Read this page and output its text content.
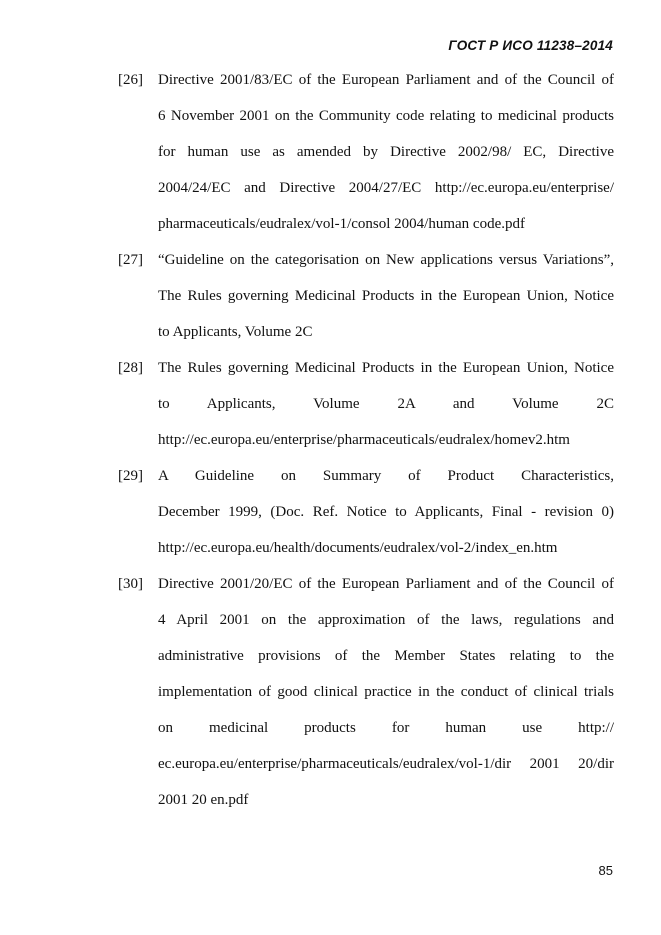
ГОСТ Р ИСО 11238–2014
[26]	Directive 2001/83/EC of the European Parliament and of the Council of
6 November 2001 on the Community code relating to medicinal products
for human use as amended by Directive 2002/98/ EC, Directive
2004/24/EC and Directive 2004/27/EC http://ec.europa.eu/enterprise/
pharmaceuticals/eudralex/vol-1/consol 2004/human code.pdf
[27]	“Guideline on the categorisation on New applications versus Variations”,
The Rules governing Medicinal Products in the European Union, Notice
to Applicants, Volume 2C
[28]	The Rules governing Medicinal Products in the European Union, Notice
to Applicants, Volume 2A and Volume 2C
http://ec.europa.eu/enterprise/pharmaceuticals/eudralex/homev2.htm
[29]	A Guideline on Summary of Product Characteristics,
December 1999, (Doc. Ref. Notice to Applicants, Final - revision 0)
http://ec.europa.eu/health/documents/eudralex/vol-2/index_en.htm
[30]	Directive 2001/20/EC of the European Parliament and of the Council of
4 April 2001 on the approximation of the laws, regulations and
administrative provisions of the Member States relating to the
implementation of good clinical practice in the conduct of clinical trials
on medicinal products for human use http://
ec.europa.eu/enterprise/pharmaceuticals/eudralex/vol-1/dir 2001 20/dir
2001 20 en.pdf
85
